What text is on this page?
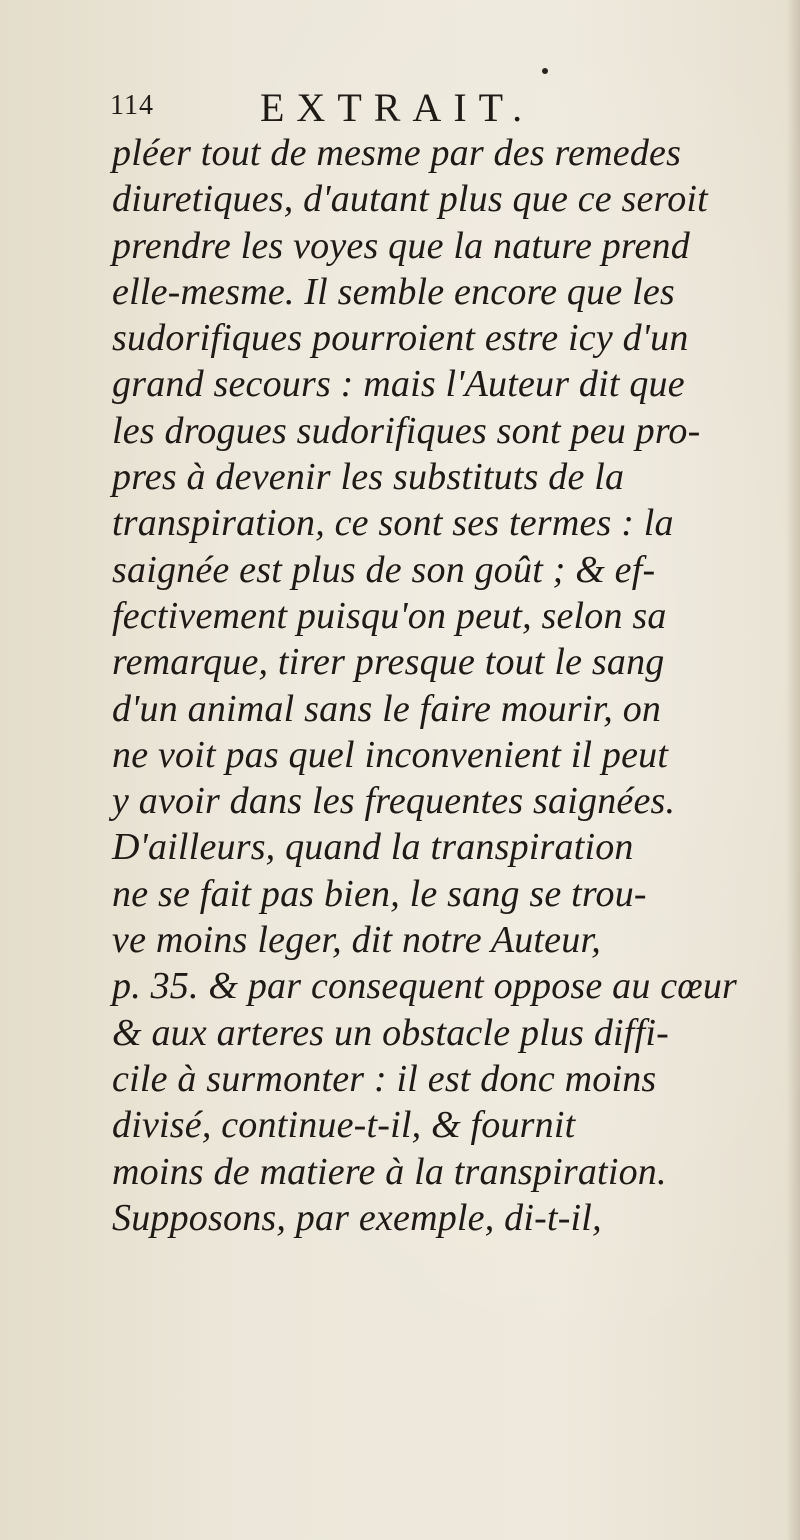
114	EXTRAIT.
pléer tout de mesme par des remedes
diuretiques, d'autant plus que ce seroit
prendre les voyes que la nature prend
elle-mesme. Il semble encore que les
sudorifiques pourroient estre icy d'un
grand secours : mais l'Auteur dit que
les drogues sudorifiques sont peu pro-
pres à devenir les substituts de la
transpiration, ce sont ses termes : la
saignée est plus de son goût ; & ef-
fectivement puisqu'on peut, selon sa
remarque, tirer presque tout le sang
d'un animal sans le faire mourir, on
ne voit pas quel inconvenient il peut
y avoir dans les frequentes saignées.
D'ailleurs, quand la transpiration
ne se fait pas bien, le sang se trou-
ve moins leger, dit notre Auteur,
p. 35. & par consequent oppose au cœur
& aux arteres un obstacle plus diffi-
cile à surmonter : il est donc moins
divisé, continue-t-il, & fournit
moins de matiere à la transpiration.
Supposons, par exemple, di-t-il,
